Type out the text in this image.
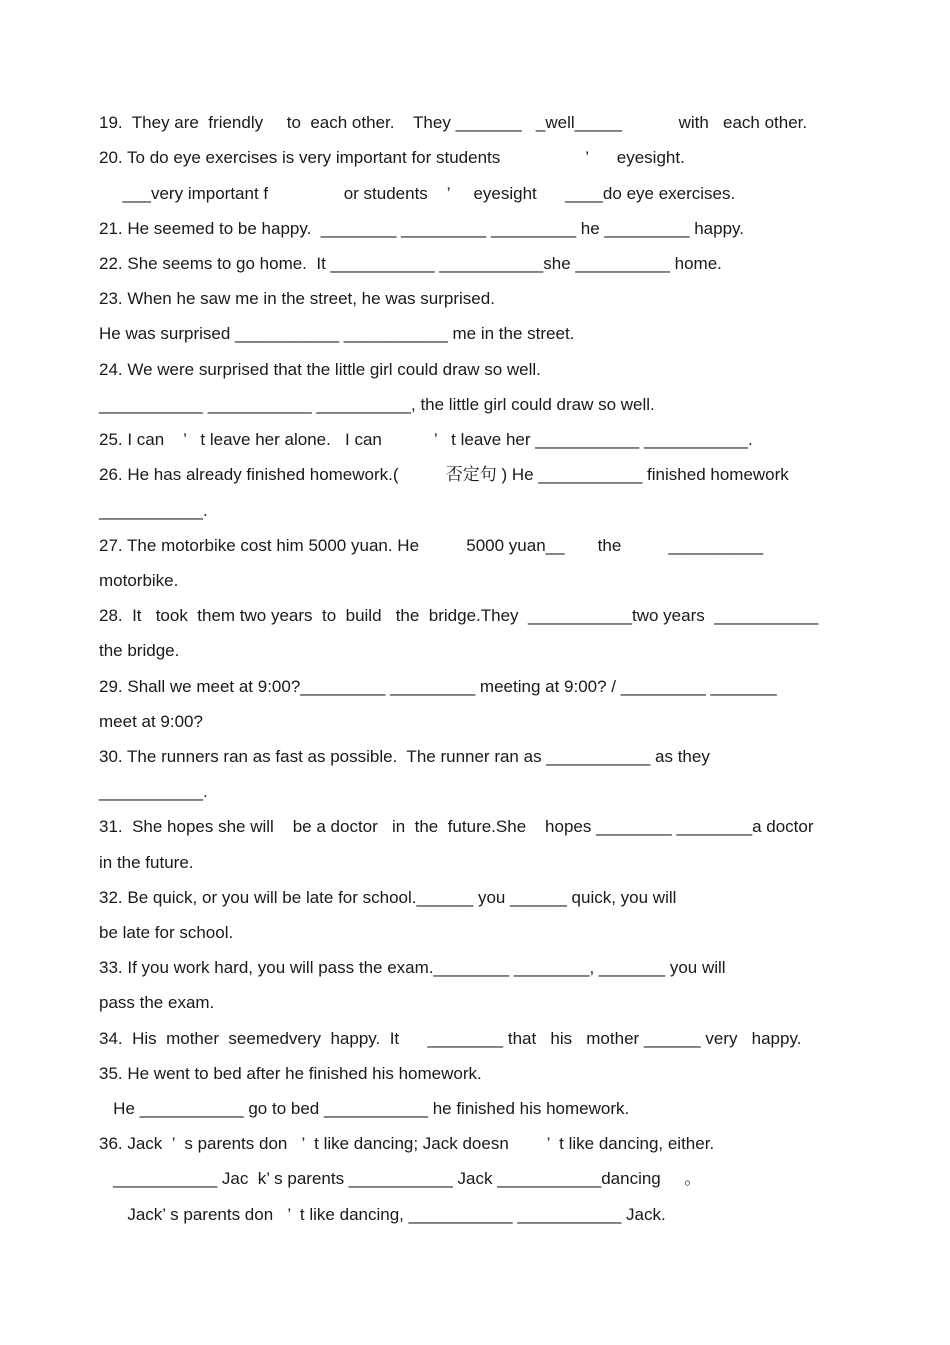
19.  They are  friendly     to  each other.    They _______   _well_____            with   each other.
20. To do eye exercises is very important for students                  ’      eyesight.
___very important f                or students    ’     eyesight      ____do eye exercises.
21. He seemed to be happy.  ________ _________ _________ he _________ happy.
22. She seems to go home.  It ___________ ___________she __________ home.
23. When he saw me in the street, he was surprised.
He was surprised ___________ ___________ me in the street.
24. We were surprised that the little girl could draw so well.
___________ ___________ __________, the little girl could draw so well.
25. I can    ’   t leave her alone.   I can           ’   t leave her ___________ ___________.
26. He has already finished homework.(          否定句 ) He ___________ finished homework
___________.
27. The motorbike cost him 5000 yuan. He          5000 yuan__       the          __________
motorbike.
28.  It   took  them two years  to  build   the  bridge.They  ___________two years  ___________
the bridge.
29. Shall we meet at 9:00?_________ _________ meeting at 9:00? / _________ _______
meet at 9:00?
30. The runners ran as fast as possible.  The runner ran as ___________ as they
___________.
31.  She hopes she will    be a doctor   in  the  future.She    hopes ________ ________a doctor
in the future.
32. Be quick, or you will be late for school.______ you ______ quick, you will
be late for school.
33. If you work hard, you will pass the exam.________ ________, _______ you will
pass the exam.
34.  His  mother  seemedvery  happy.  It      ________ that   his   mother ______ very   happy.
35. He went to bed after he finished his homework.
He ___________ go to bed ___________ he finished his homework.
36. Jack  ’  s parents don   ’  t like dancing; Jack doesn        ’  t like dancing, either.
___________ Jac  k’ s parents ___________ Jack ___________dancing     。
Jack’ s parents don   ’  t like dancing, ___________ ___________ Jack.
